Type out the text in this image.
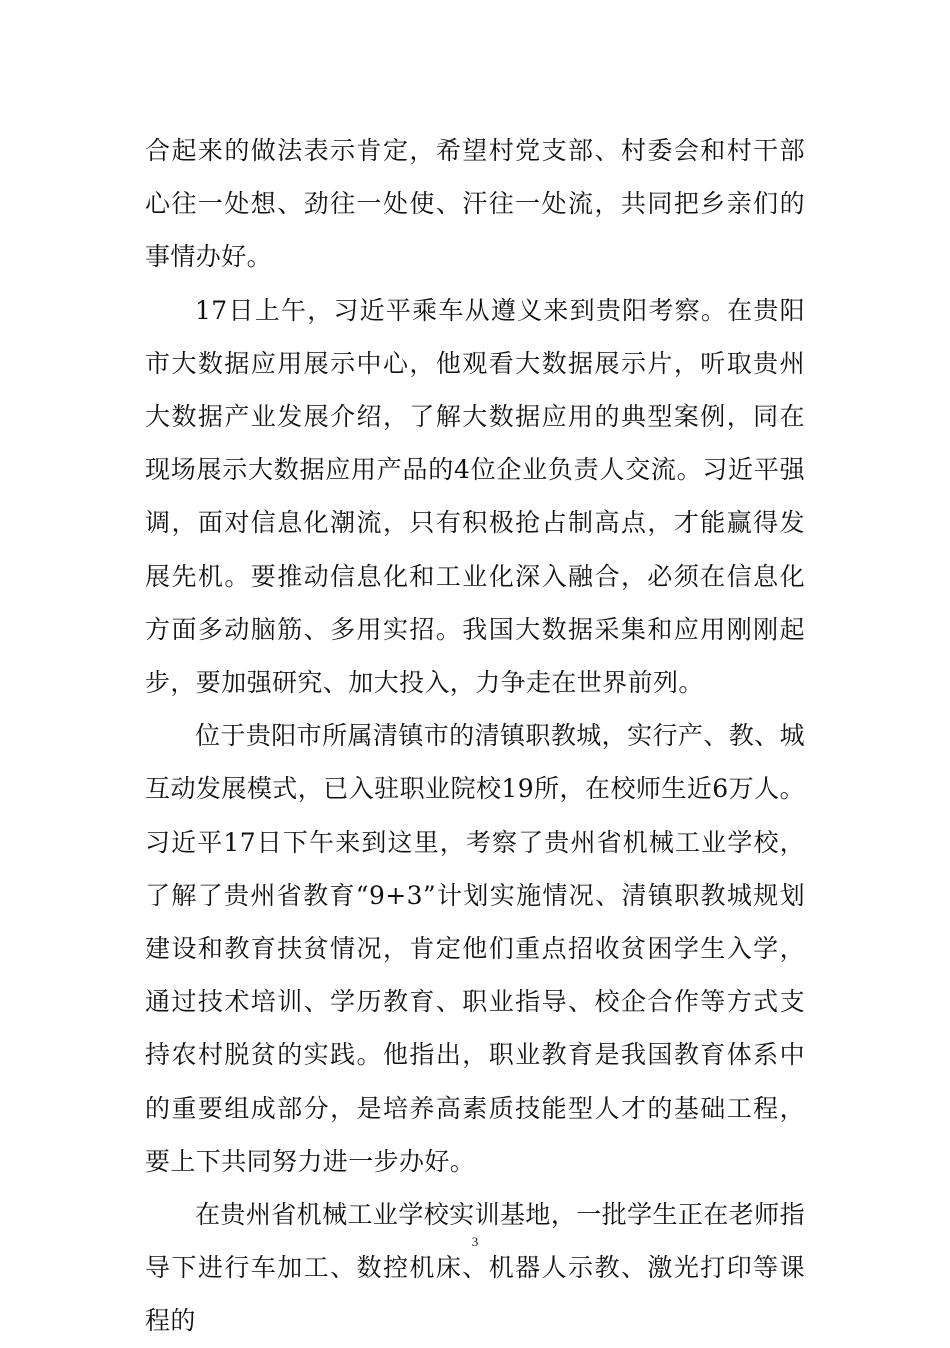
合起来的做法表示肯定，希望村党支部、村委会和村干部心往一处想、劲往一处使、汗往一处流，共同把乡亲们的事情办好。

17日上午，习近平乘车从遵义来到贵阳考察。在贵阳市大数据应用展示中心，他观看大数据展示片，听取贵州大数据产业发展介绍，了解大数据应用的典型案例，同在现场展示大数据应用产品的4位企业负责人交流。习近平强调，面对信息化潮流，只有积极抢占制高点，才能赢得发展先机。要推动信息化和工业化深入融合，必须在信息化方面多动脑筋、多用实招。我国大数据采集和应用刚刚起步，要加强研究、加大投入，力争走在世界前列。

位于贵阳市所属清镇市的清镇职教城，实行产、教、城互动发展模式，已入驻职业院校19所，在校师生近6万人。习近平17日下午来到这里，考察了贵州省机械工业学校，了解了贵州省教育“9+3”计划实施情况、清镇职教城规划建设和教育扶贫情况，肯定他们重点招收贫困学生入学，通过技术培训、学历教育、职业指导、校企合作等方式支持农村脱贫的实践。他指出，职业教育是我国教育体系中的重要组成部分，是培养高素质技能型人才的基础工程，要上下共同努力进一步办好。

在贵州省机械工业学校实训基地，一批学生正在老师指导下进行车加工、数控机床、机器人示教、激光打印等课程的

3
